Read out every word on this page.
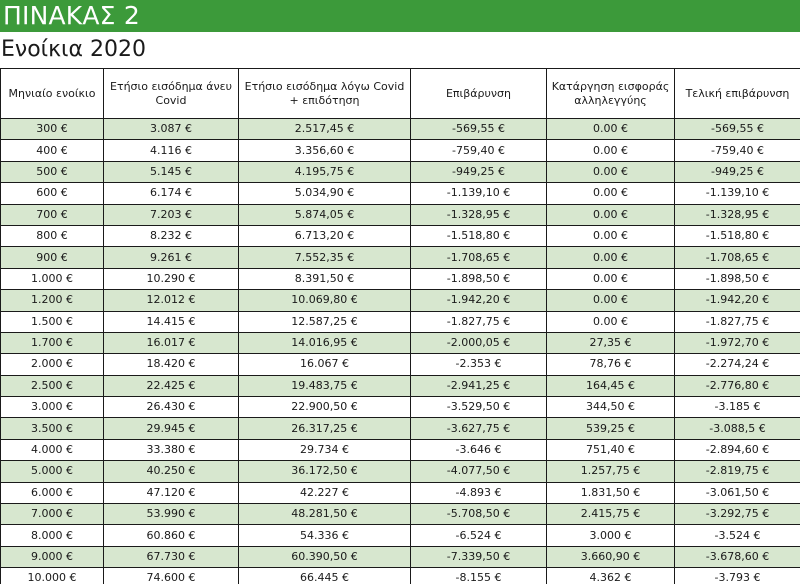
ΠΙΝΑΚΑΣ 2
Ενοίκια 2020
Μηνιαίο ενοίκιο	Ετήσιο εισόδημα άνευ Covid	Ετήσιο εισόδημα λόγω Covid + επιδότηση	Επιβάρυνση	Κατάργηση εισφοράς αλληλεγγύης	Τελική επιβάρυνση
300 €	3.087 €	2.517,45 €	-569,55 €	0.00 €	-569,55 €
400 €	4.116 €	3.356,60 €	-759,40 €	0.00 €	-759,40 €
500 €	5.145 €	4.195,75 €	-949,25 €	0.00 €	-949,25 €
600 €	6.174 €	5.034,90 €	-1.139,10 €	0.00 €	-1.139,10 €
700 €	7.203 €	5.874,05 €	-1.328,95 €	0.00 €	-1.328,95 €
800 €	8.232 €	6.713,20 €	-1.518,80 €	0.00 €	-1.518,80 €
900 €	9.261 €	7.552,35 €	-1.708,65 €	0.00 €	-1.708,65 €
1.000 €	10.290 €	8.391,50 €	-1.898,50 €	0.00 €	-1.898,50 €
1.200 €	12.012 €	10.069,80 €	-1.942,20 €	0.00 €	-1.942,20 €
1.500 €	14.415 €	12.587,25 €	-1.827,75 €	0.00 €	-1.827,75 €
1.700 €	16.017 €	14.016,95 €	-2.000,05 €	27,35 €	-1.972,70 €
2.000 €	18.420 €	16.067 €	-2.353 €	78,76 €	-2.274,24 €
2.500 €	22.425 €	19.483,75 €	-2.941,25 €	164,45 €	-2.776,80 €
3.000 €	26.430 €	22.900,50 €	-3.529,50 €	344,50 €	-3.185 €
3.500 €	29.945 €	26.317,25 €	-3.627,75 €	539,25 €	-3.088,5 €
4.000 €	33.380 €	29.734 €	-3.646 €	751,40 €	-2.894,60 €
5.000 €	40.250 €	36.172,50 €	-4.077,50 €	1.257,75 €	-2.819,75 €
6.000 €	47.120 €	42.227 €	-4.893 €	1.831,50 €	-3.061,50 €
7.000 €	53.990 €	48.281,50 €	-5.708,50 €	2.415,75 €	-3.292,75 €
8.000 €	60.860 €	54.336 €	-6.524 €	3.000 €	-3.524 €
9.000 €	67.730 €	60.390,50 €	-7.339,50 €	3.660,90 €	-3.678,60 €
10.000 €	74.600 €	66.445 €	-8.155 €	4.362 €	-3.793 €
